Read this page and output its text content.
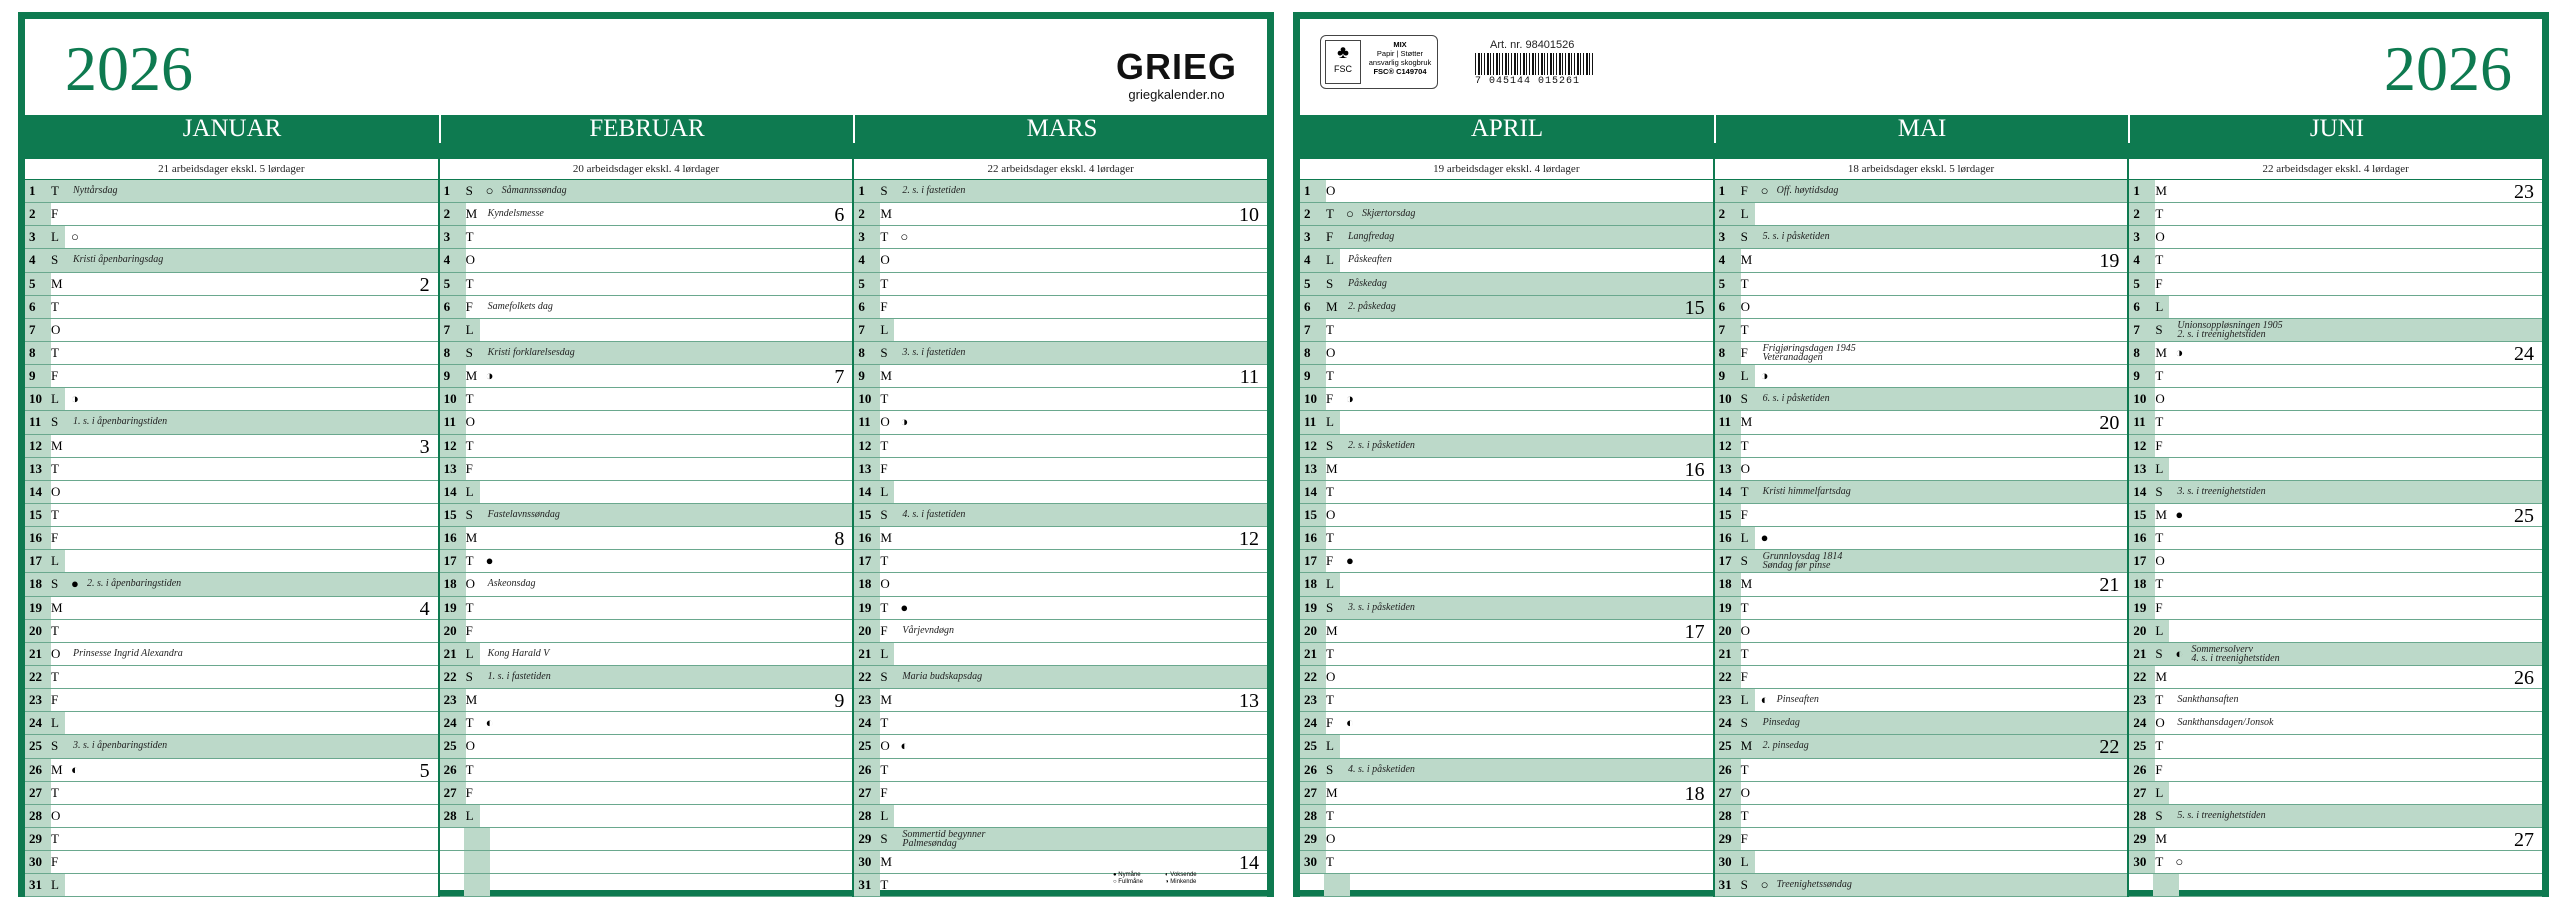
2026	GRIEG
griegkalender.no
JANUAR	FEBRUAR	MARS
21 arbeidsdager ekskl. 5 lørdager
1	T Nyttårsdag
2	F
3	L ○
4	S Kristi åpenbaringsdag
5	M	2
6	T
7	O
8	T
9	F
10 L ◑
11 S 1. s. i åpenbaringstiden
12 M	3
13 T
14 O
15 T
16 F
17 L
18 S ● 2. s. i åpenbaringstiden
19 M	4
20 T
21 O Prinsesse Ingrid Alexandra
22 T
23 F
24 L
25 S 3. s. i åpenbaringstiden
26 M ◐	5
27 T
28 O
29 T
30 F
31 L
20 arbeidsdager ekskl. 4 lørdager
1	S ○ Såmannssøndag
2	M Kyndelsmesse	6
3	T
4	O
5	T
6	F Samefolkets dag
7	L
8	S Kristi forklarelsesdag
9	M ◑	7
10 T
11 O
12 T
13 F
14 L
15 S Fastelavnssøndag
16 M	8
17 T ●
18 O Askeonsdag
19 T
20 F
21 L Kong Harald V
22 S 1. s. i fastetiden
23 M	9
24 T ◐
25 O
26 T
27 F
28 L
22 arbeidsdager ekskl. 4 lørdager
1	S 2. s. i fastetiden
2	M	10
3	T ○
4	O
5	T
6	F
7	L
8	S 3. s. i fastetiden
9	M	11
10 T
11 O ◑
12 T
13 F
14 L
15 S 4. s. i fastetiden
16 M	12
17 T
18 O
19 T ●
20 F Vårjevndøgn
21 L
22 S Maria budskapsdag
23 M	13
24 T
25 O ◐
26 T
27 F
28 L
29 S Sommertid begynner
Palmesøndag
30 M	14
31 T
● Nymåne	◐ Voksende
○ Fullmåne	◑ Minkende
♣
FSC
MIX
Papir | Støtter
ansvarlig skogbruk
FSC® C149704
Art. nr. 98401526
7 045144 015261	2026
APRIL	MAI	JUNI
19 arbeidsdager ekskl. 4 lørdager
1	O
2	T ○ Skjærtorsdag
3	F Langfredag
4	L Påskeaften
5	S Påskedag
6	M 2. påskedag	15
7	T
8	O
9	T
10 F ◑
11 L
12 S 2. s. i påsketiden
13 M	16
14 T
15 O
16 T
17 F ●
18 L
19 S 3. s. i påsketiden
20 M	17
21 T
22 O
23 T
24 F ◐
25 L
26 S 4. s. i påsketiden
27 M	18
28 T
29 O
30 T
18 arbeidsdager ekskl. 5 lørdager
1	F ○ Off. høytidsdag
2	L
3	S 5. s. i påsketiden
4	M	19
5	T
6	O
7	T
8	F Frigjøringsdagen 1945
Veteranadagen
9	L ◑
10 S 6. s. i påsketiden
11 M	20
12 T
13 O
14 T Kristi himmelfartsdag
15 F
16 L ●
17 S Grunnlovsdag 1814
Søndag før pinse
18 M	21
19 T
20 O
21 T
22 F
23 L ◐ Pinseaften
24 S Pinsedag
25 M 2. pinsedag	22
26 T
27 O
28 T
29 F
30 L
31 S ○ Treenighetssøndag
22 arbeidsdager ekskl. 4 lørdager
1	M	23
2	T
3	O
4	T
5	F
6	L
7	S Unionsoppløsningen 1905
2. s. i treenighetstiden
8	M ◑	24
9	T
10 O
11 T
12 F
13 L
14 S 3. s. i treenighetstiden
15 M ●	25
16 T
17 O
18 T
19 F
20 L
21 S ◐ Sommersolverv
4. s. i treenighetstiden
22 M	26
23 T Sankthansaften
24 O Sankthansdagen/Jonsok
25 T
26 F
27 L
28 S 5. s. i treenighetstiden
29 M	27
30 T ○
